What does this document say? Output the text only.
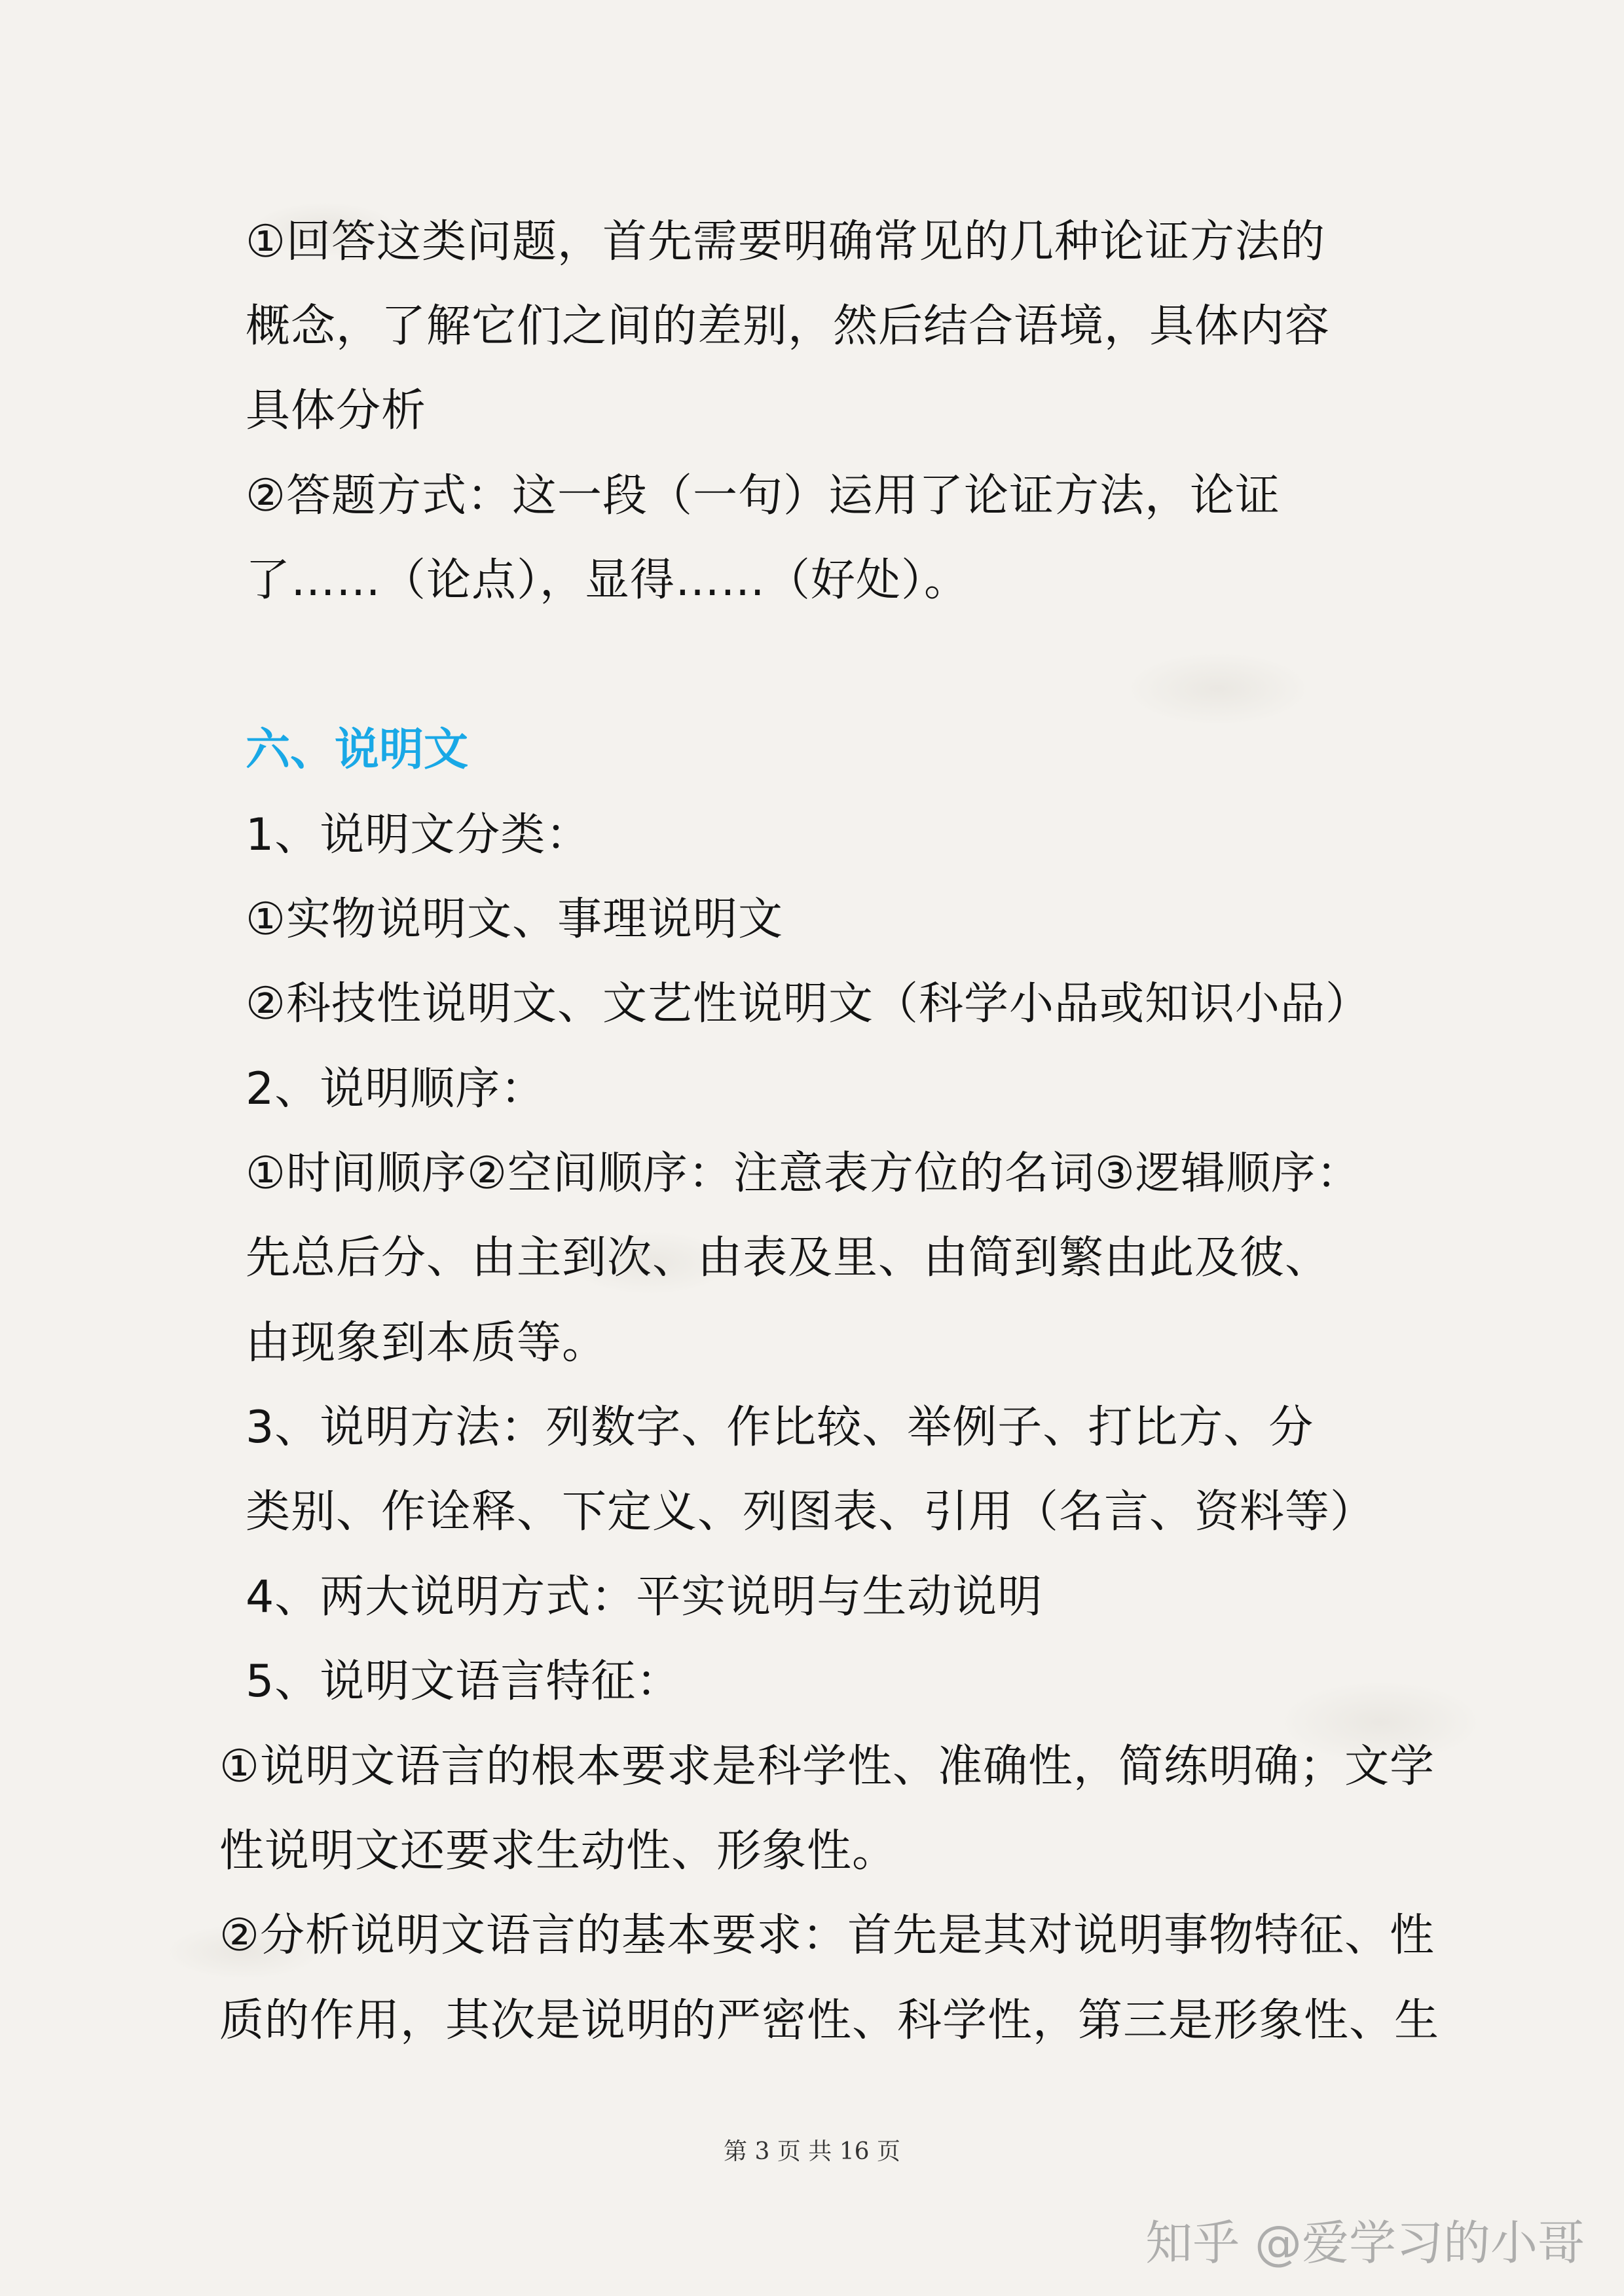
①回答这类问题，首先需要明确常见的几种论证方法的
概念，了解它们之间的差别，然后结合语境，具体内容
具体分析
②答题方式：这一段（一句）运用了论证方法，论证
了……（论点），显得……（好处）。
六、说明文
1、说明文分类：
①实物说明文、事理说明文
②科技性说明文、文艺性说明文（科学小品或知识小品）
2、说明顺序：
①时间顺序②空间顺序：注意表方位的名词③逻辑顺序：
先总后分、由主到次、由表及里、由简到繁由此及彼、
由现象到本质等。
3、说明方法：列数字、作比较、举例子、打比方、分
类别、作诠释、下定义、列图表、引用（名言、资料等）
4、两大说明方式：平实说明与生动说明
5、说明文语言特征：
①说明文语言的根本要求是科学性、准确性，简练明确；文学
性说明文还要求生动性、形象性。
②分析说明文语言的基本要求：首先是其对说明事物特征、性
质的作用，其次是说明的严密性、科学性，第三是形象性、生
第 3 页 共 16 页
知乎 @爱学习的小哥
